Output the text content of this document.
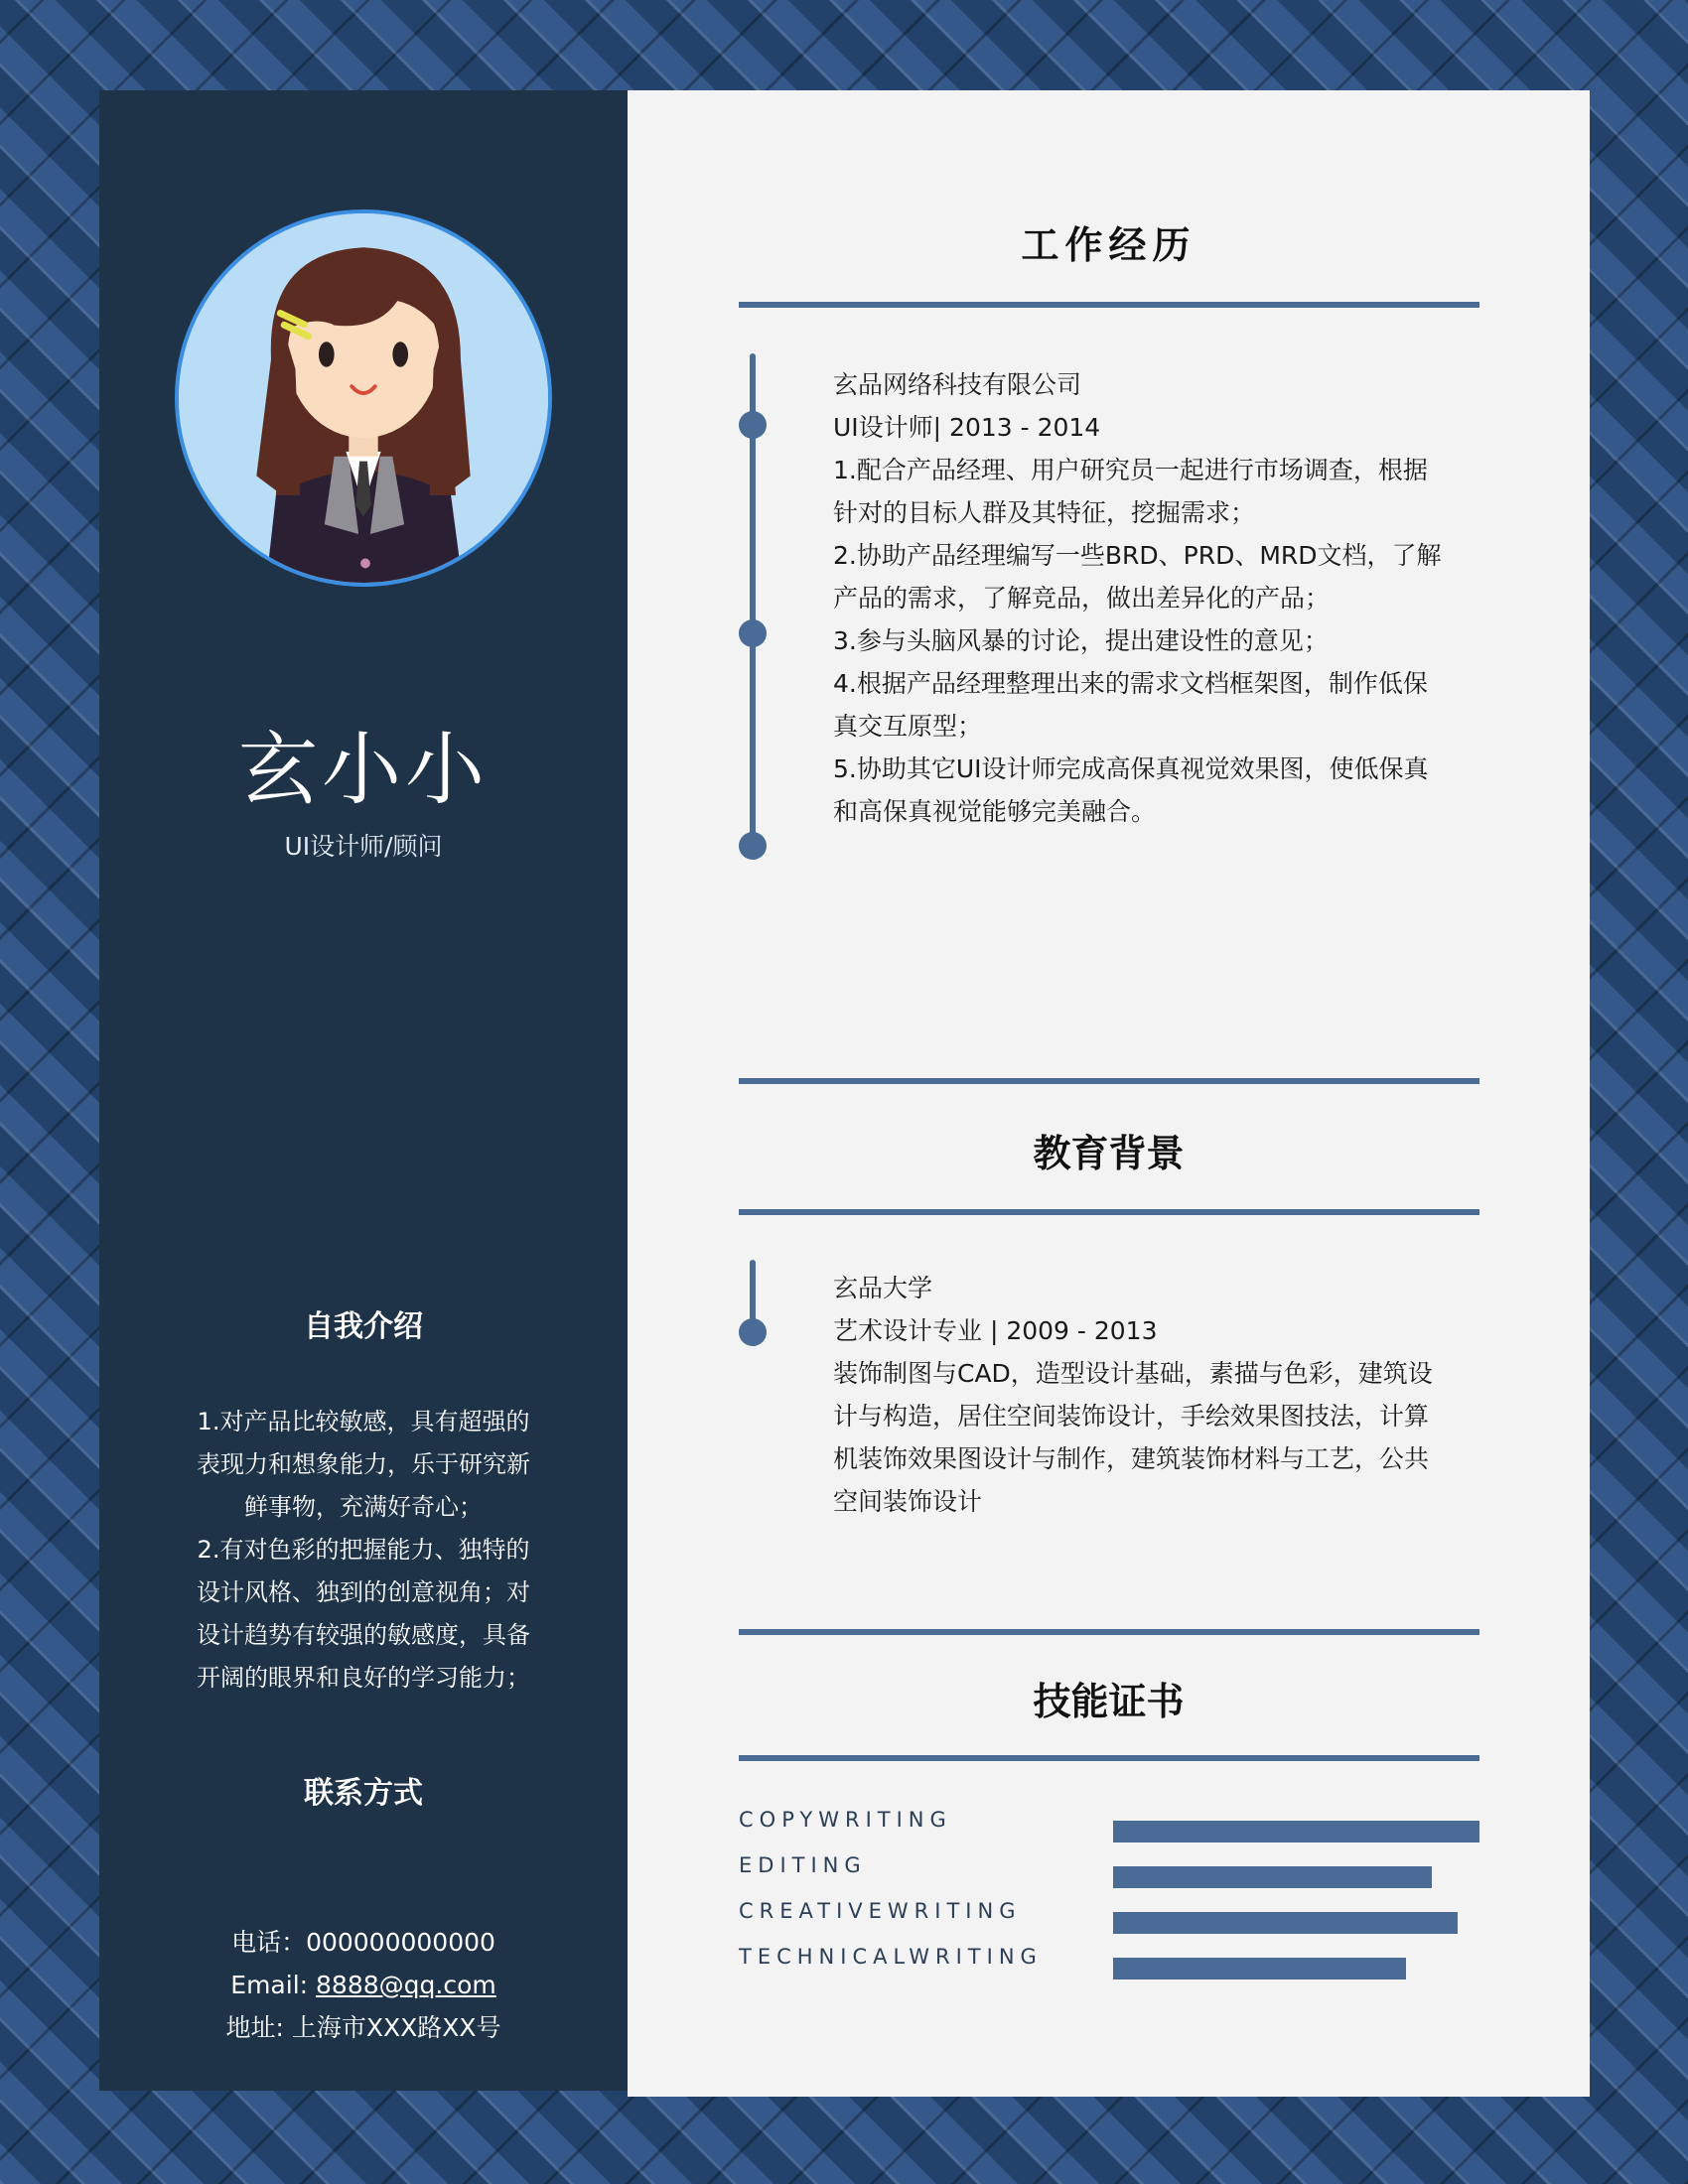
玄小小
UI设计师/顾问
自我介绍
1.对产品比较敏感，具有超强的
表现力和想象能力，乐于研究新
鲜事物，充满好奇心；
2.有对色彩的把握能力、独特的
设计风格、独到的创意视角；对
设计趋势有较强的敏感度，具备
开阔的眼界和良好的学习能力；
联系方式
电话：000000000000
Email: 8888@qq.com
地址: 上海市XXX路XX号
工作经历

玄品网络科技有限公司

UI设计师| 2013 - 2014

1.配合产品经理、用户研究员一起进行市场调查，根据

针对的目标人群及其特征，挖掘需求；

2.协助产品经理编写一些BRD、PRD、MRD文档，了解

产品的需求，了解竞品，做出差异化的产品；

3.参与头脑风暴的讨论，提出建设性的意见；

4.根据产品经理整理出来的需求文档框架图，制作低保

真交互原型；

5.协助其它UI设计师完成高保真视觉效果图，使低保真

和高保真视觉能够完美融合。

教育背景

玄品大学

艺术设计专业 | 2009 - 2013

装饰制图与CAD，造型设计基础，素描与色彩，建筑设

计与构造，居住空间装饰设计，手绘效果图技法，计算

机装饰效果图设计与制作，建筑装饰材料与工艺，公共

空间装饰设计

技能证书
COPYWRITING
EDITING
CREATIVEWRITING
TECHNICALWRITING
